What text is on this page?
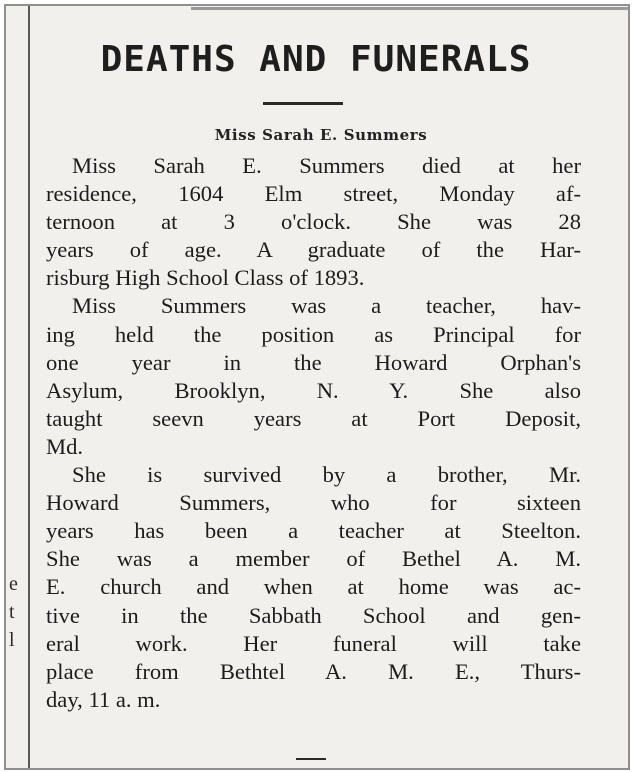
e
t
l
DEATHS AND FUNERALS
Miss Sarah E. Summers
Miss Sarah E. Summers died at her
residence, 1604 Elm street, Monday af-
ternoon at 3 o'clock. She was 28
years of age. A graduate of the Har-
risburg High School Class of 1893.
Miss Summers was a teacher, hav-
ing held the position as Principal for
one year in the Howard Orphan's
Asylum, Brooklyn, N. Y. She also
taught seevn years at Port Deposit,
Md.
She is survived by a brother, Mr.
Howard Summers, who for sixteen
years has been a teacher at Steelton.
She was a member of Bethel A. M.
E. church and when at home was ac-
tive in the Sabbath School and gen-
eral work. Her funeral will take
place from Bethtel A. M. E., Thurs-
day, 11 a. m.
